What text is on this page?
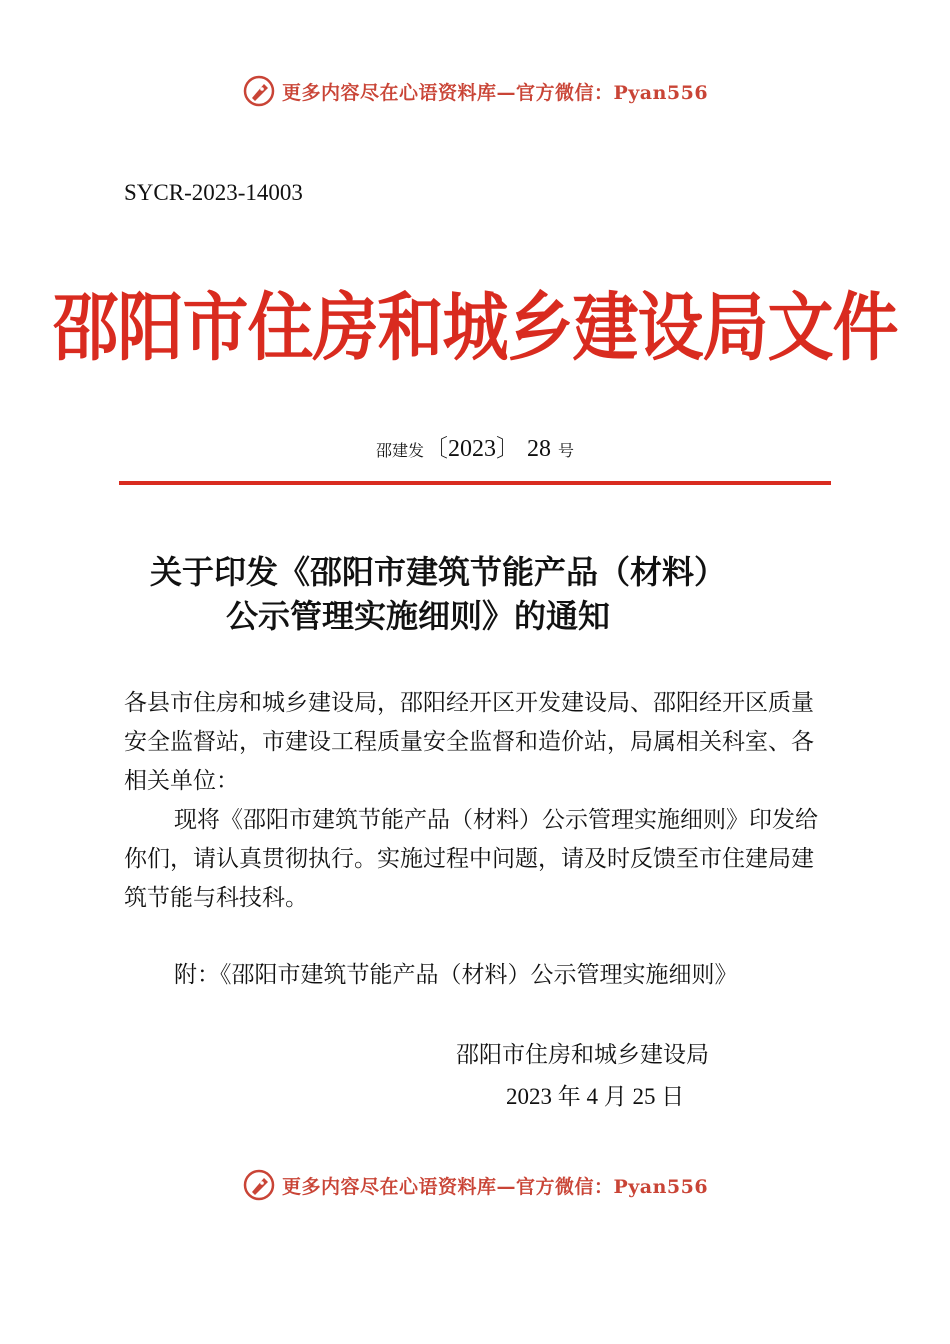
更多内容尽在心语资料库—官方微信：Pyan556
SYCR-2023-14003
邵阳市住房和城乡建设局文件
邵建发〔2023〕 28 号
关于印发《邵阳市建筑节能产品（材料）
公示管理实施细则》的通知

各县市住房和城乡建设局，邵阳经开区开发建设局、邵阳经开区质量安全监督站，市建设工程质量安全监督和造价站，局属相关科室、各相关单位：

现将《邵阳市建筑节能产品（材料）公示管理实施细则》印发给你们，请认真贯彻执行。实施过程中问题，请及时反馈至市住建局建筑节能与科技科。

附：《邵阳市建筑节能产品（材料）公示管理实施细则》
邵阳市住房和城乡建设局
2023 年 4 月 25 日
更多内容尽在心语资料库—官方微信：Pyan556
